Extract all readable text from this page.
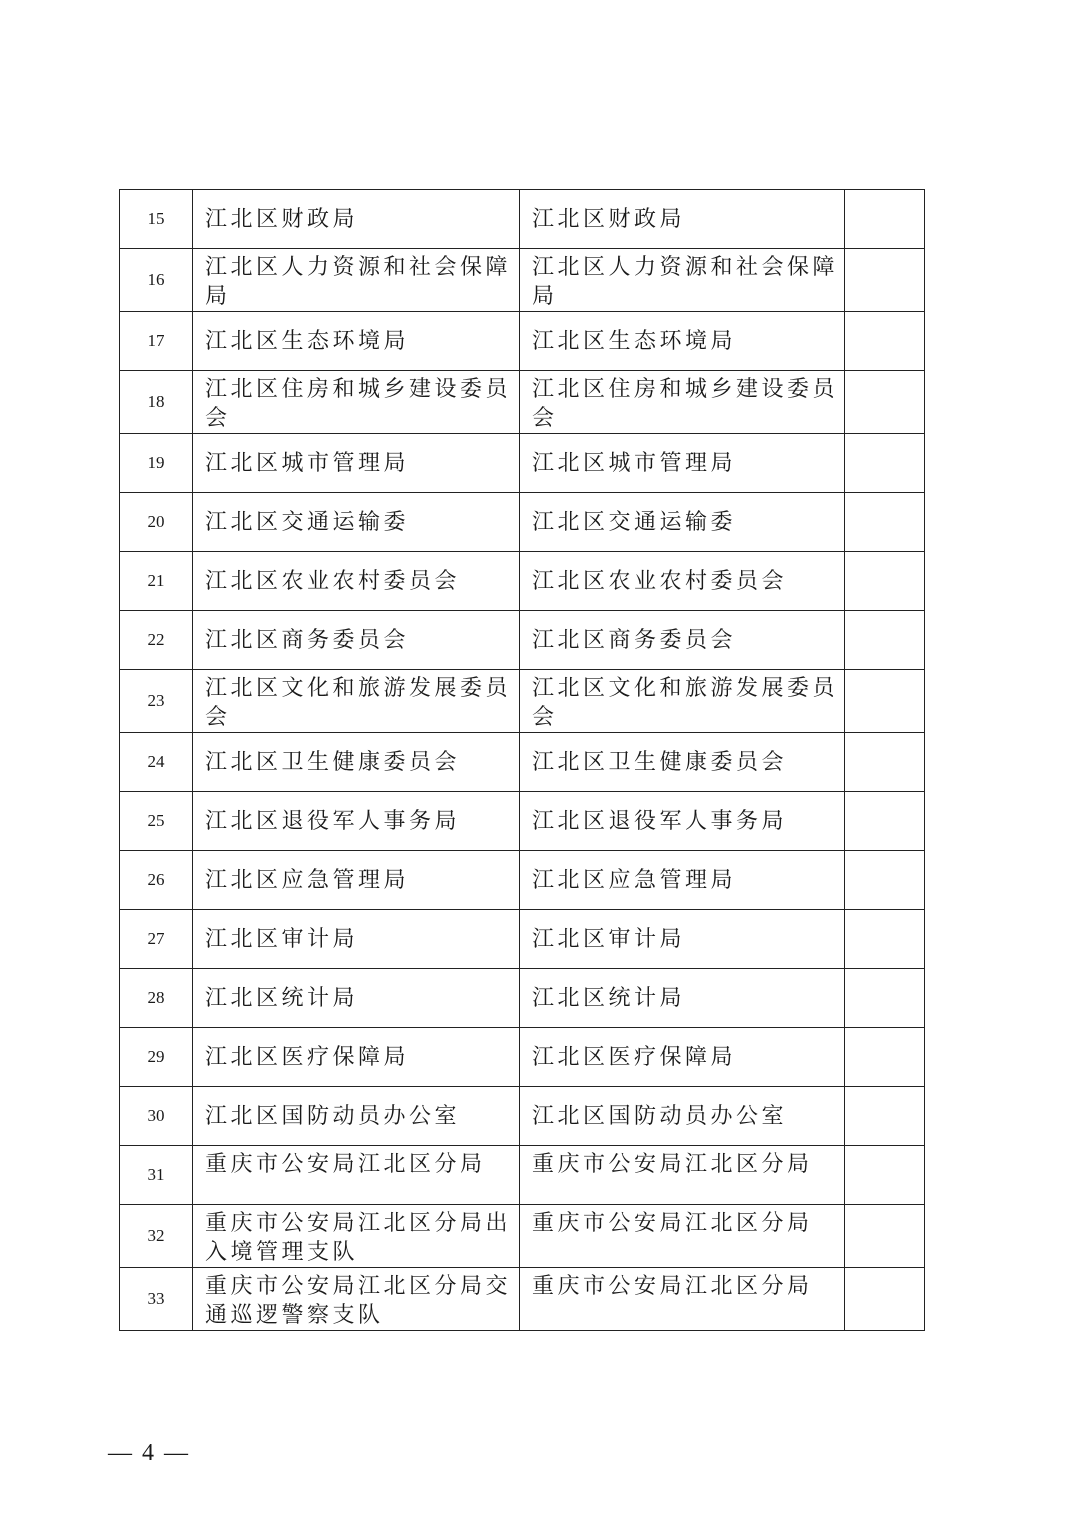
15	江北区财政局	江北区财政局	
16	江北区人力资源和社会保障局	江北区人力资源和社会保障局	
17	江北区生态环境局	江北区生态环境局	
18	江北区住房和城乡建设委员会	江北区住房和城乡建设委员会	
19	江北区城市管理局	江北区城市管理局	
20	江北区交通运输委	江北区交通运输委	
21	江北区农业农村委员会	江北区农业农村委员会	
22	江北区商务委员会	江北区商务委员会	
23	江北区文化和旅游发展委员会	江北区文化和旅游发展委员会	
24	江北区卫生健康委员会	江北区卫生健康委员会	
25	江北区退役军人事务局	江北区退役军人事务局	
26	江北区应急管理局	江北区应急管理局	
27	江北区审计局	江北区审计局	
28	江北区统计局	江北区统计局	
29	江北区医疗保障局	江北区医疗保障局	
30	江北区国防动员办公室	江北区国防动员办公室	
31	重庆市公安局江北区分局	重庆市公安局江北区分局	
32	重庆市公安局江北区分局出入境管理支队	重庆市公安局江北区分局	
33	重庆市公安局江北区分局交通巡逻警察支队	重庆市公安局江北区分局	
— 4 —
